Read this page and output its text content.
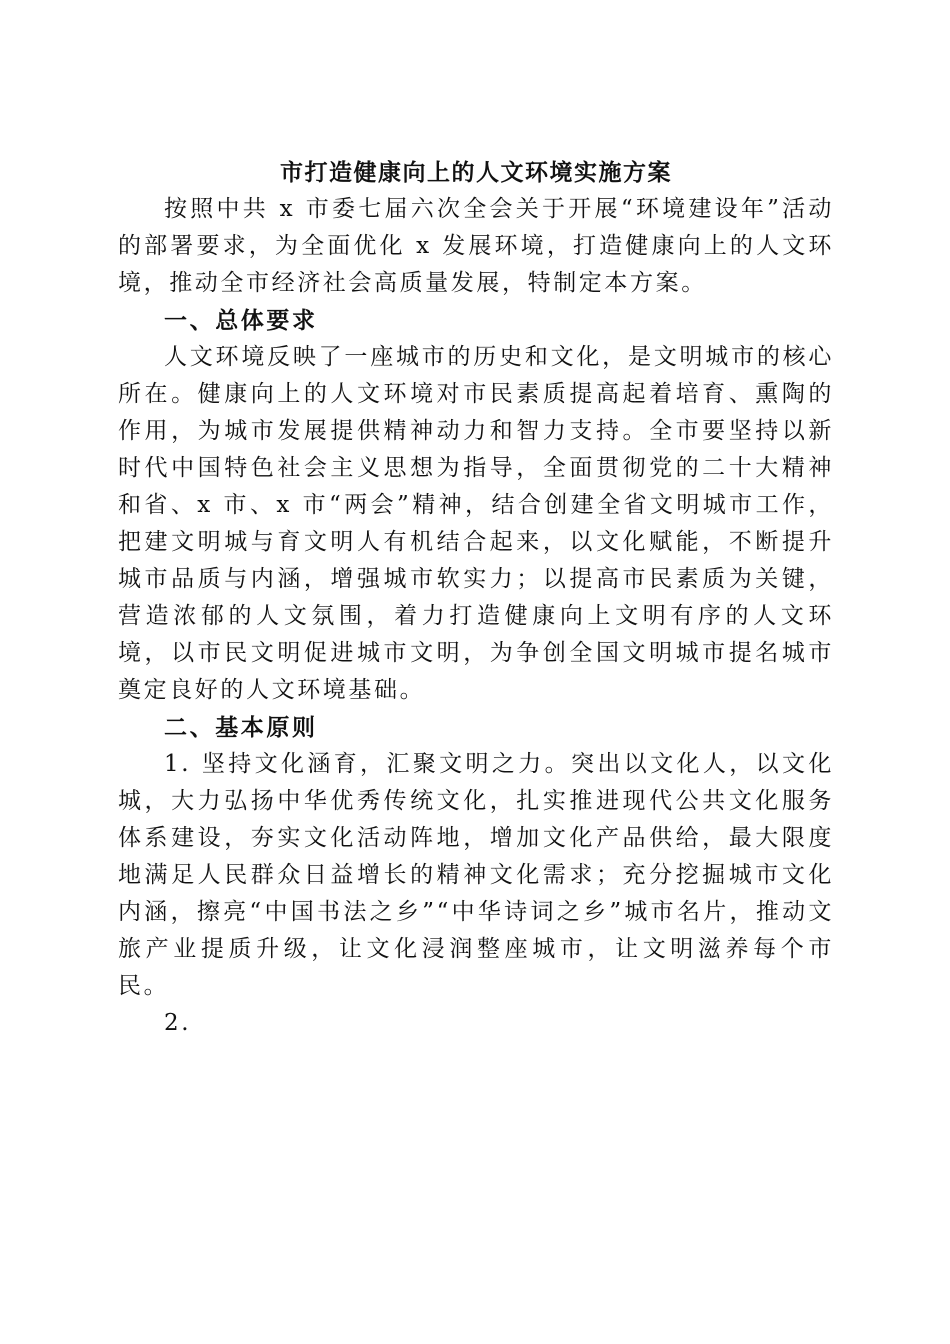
市打造健康向上的人文环境实施方案

按照中共 x 市委七届六次全会关于开展“环境建设年”活动的部署要求，为全面优化 x 发展环境，打造健康向上的人文环境，推动全市经济社会高质量发展，特制定本方案。

一、总体要求

人文环境反映了一座城市的历史和文化，是文明城市的核心所在。健康向上的人文环境对市民素质提高起着培育、熏陶的作用，为城市发展提供精神动力和智力支持。全市要坚持以新时代中国特色社会主义思想为指导，全面贯彻党的二十大精神和省、x 市、x 市“两会”精神，结合创建全省文明城市工作，把建文明城与育文明人有机结合起来，以文化赋能，不断提升城市品质与内涵，增强城市软实力；以提高市民素质为关键，营造浓郁的人文氛围，着力打造健康向上文明有序的人文环境，以市民文明促进城市文明，为争创全国文明城市提名城市奠定良好的人文环境基础。

二、基本原则

1. 坚持文化涵育，汇聚文明之力。突出以文化人，以文化城，大力弘扬中华优秀传统文化，扎实推进现代公共文化服务体系建设，夯实文化活动阵地，增加文化产品供给，最大限度地满足人民群众日益增长的精神文化需求；充分挖掘城市文化内涵，擦亮“中国书法之乡”“中华诗词之乡”城市名片，推动文旅产业提质升级，让文化浸润整座城市，让文明滋养每个市民。

2.
